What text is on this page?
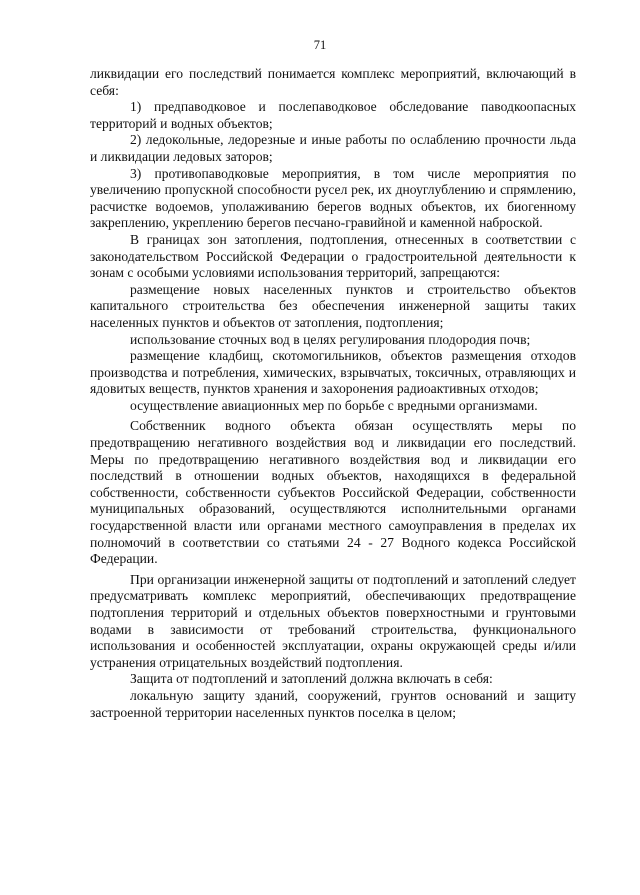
71

ликвидации его последствий понимается комплекс мероприятий, включающий в себя:

1) предпаводковое и послепаводковое обследование паводкоопасных территорий и водных объектов;

2) ледокольные, ледорезные и иные работы по ослаблению прочности льда и ликвидации ледовых заторов;

3) противопаводковые мероприятия, в том числе мероприятия по увеличению пропускной способности русел рек, их дноуглублению и спрямлению, расчистке водоемов, уполаживанию берегов водных объектов, их биогенному закреплению, укреплению берегов песчано-гравийной и каменной наброской.

В границах зон затопления, подтопления, отнесенных в соответствии с законодательством Российской Федерации о градостроительной деятельности к зонам с особыми условиями использования территорий, запрещаются:

размещение новых населенных пунктов и строительство объектов капитального строительства без обеспечения инженерной защиты таких населенных пунктов и объектов от затопления, подтопления;

использование сточных вод в целях регулирования плодородия почв;

размещение кладбищ, скотомогильников, объектов размещения отходов производства и потребления, химических, взрывчатых, токсичных, отравляющих и ядовитых веществ, пунктов хранения и захоронения радиоактивных отходов;

осуществление авиационных мер по борьбе с вредными организмами.

Собственник водного объекта обязан осуществлять меры по предотвращению негативного воздействия вод и ликвидации его последствий. Меры по предотвращению негативного воздействия вод и ликвидации его последствий в отношении водных объектов, находящихся в федеральной собственности, собственности субъектов Российской Федерации, собственности муниципальных образований, осуществляются исполнительными органами государственной власти или органами местного самоуправления в пределах их полномочий в соответствии со статьями 24 - 27 Водного кодекса Российской Федерации.

При организации инженерной защиты от подтоплений и затоплений следует предусматривать комплекс мероприятий, обеспечивающих предотвращение подтопления территорий и отдельных объектов поверхностными и грунтовыми водами в зависимости от требований строительства, функционального использования и особенностей эксплуатации, охраны окружающей среды и/или устранения отрицательных воздействий подтопления.

Защита от подтоплений и затоплений должна включать в себя:

локальную защиту зданий, сооружений, грунтов оснований и защиту застроенной территории населенных пунктов поселка в целом;
